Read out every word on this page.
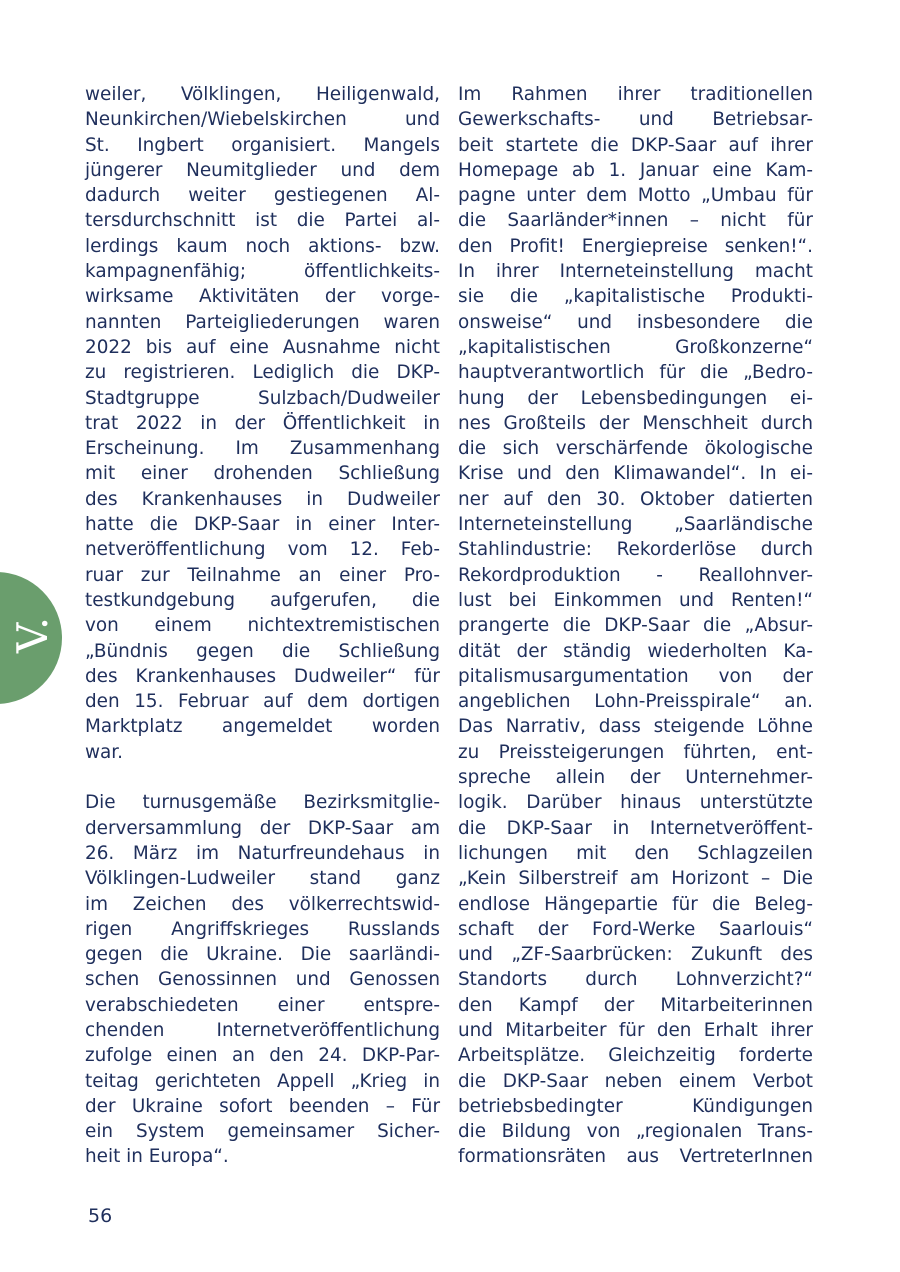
V.
weiler, Völklingen, Heiligenwald,
Neunkirchen/Wiebelskirchen und
St. Ingbert organisiert. Mangels
jüngerer Neumitglieder und dem
dadurch weiter gestiegenen Al-
tersdurchschnitt ist die Partei al-
lerdings kaum noch aktions- bzw.
kampagnenfähig; öffentlichkeits-
wirksame Aktivitäten der vorge-
nannten Parteigliederungen waren
2022 bis auf eine Ausnahme nicht
zu registrieren. Lediglich die DKP-
Stadtgruppe Sulzbach/Dudweiler
trat 2022 in der Öffentlichkeit in
Erscheinung. Im Zusammenhang
mit einer drohenden Schließung
des Krankenhauses in Dudweiler
hatte die DKP-Saar in einer Inter-
netveröffentlichung vom 12. Feb-
ruar zur Teilnahme an einer Pro-
testkundgebung aufgerufen, die
von einem nichtextremistischen
„Bündnis gegen die Schließung
des Krankenhauses Dudweiler“ für
den 15. Februar auf dem dortigen
Marktplatz angemeldet worden
war.
Die turnusgemäße Bezirksmitglie-
derversammlung der DKP-Saar am
26. März im Naturfreundehaus in
Völklingen-Ludweiler stand ganz
im Zeichen des völkerrechtswid-
rigen Angriffskrieges Russlands
gegen die Ukraine. Die saarländi-
schen Genossinnen und Genossen
verabschiedeten einer entspre-
chenden Internetveröffentlichung
zufolge einen an den 24. DKP-Par-
teitag gerichteten Appell „Krieg in
der Ukraine sofort beenden – Für
ein System gemeinsamer Sicher-
heit in Europa“.
Im Rahmen ihrer traditionellen
Gewerkschafts- und Betriebsar-
beit startete die DKP-Saar auf ihrer
Homepage ab 1. Januar eine Kam-
pagne unter dem Motto „Umbau für
die Saarländer*innen – nicht für
den Profit! Energiepreise senken!“.
In ihrer Interneteinstellung macht
sie die „kapitalistische Produkti-
onsweise“ und insbesondere die
„kapitalistischen Großkonzerne“
hauptverantwortlich für die „Bedro-
hung der Lebensbedingungen ei-
nes Großteils der Menschheit durch
die sich verschärfende ökologische
Krise und den Klimawandel“. In ei-
ner auf den 30. Oktober datierten
Interneteinstellung „Saarländische
Stahlindustrie: Rekorderlöse durch
Rekordproduktion - Reallohnver-
lust bei Einkommen und Renten!“
prangerte die DKP-Saar die „Absur-
dität der ständig wiederholten Ka-
pitalismusargumentation von der
angeblichen Lohn-Preisspirale“ an.
Das Narrativ, dass steigende Löhne
zu Preissteigerungen führten, ent-
spreche allein der Unternehmer-
logik. Darüber hinaus unterstützte
die DKP-Saar in Internetveröffent-
lichungen mit den Schlagzeilen
„Kein Silberstreif am Horizont – Die
endlose Hängepartie für die Beleg-
schaft der Ford-Werke Saarlouis“
und „ZF-Saarbrücken: Zukunft des
Standorts durch Lohnverzicht?“
den Kampf der Mitarbeiterinnen
und Mitarbeiter für den Erhalt ihrer
Arbeitsplätze. Gleichzeitig forderte
die DKP-Saar neben einem Verbot
betriebsbedingter Kündigungen
die Bildung von „regionalen Trans-
formationsräten aus VertreterInnen
56
